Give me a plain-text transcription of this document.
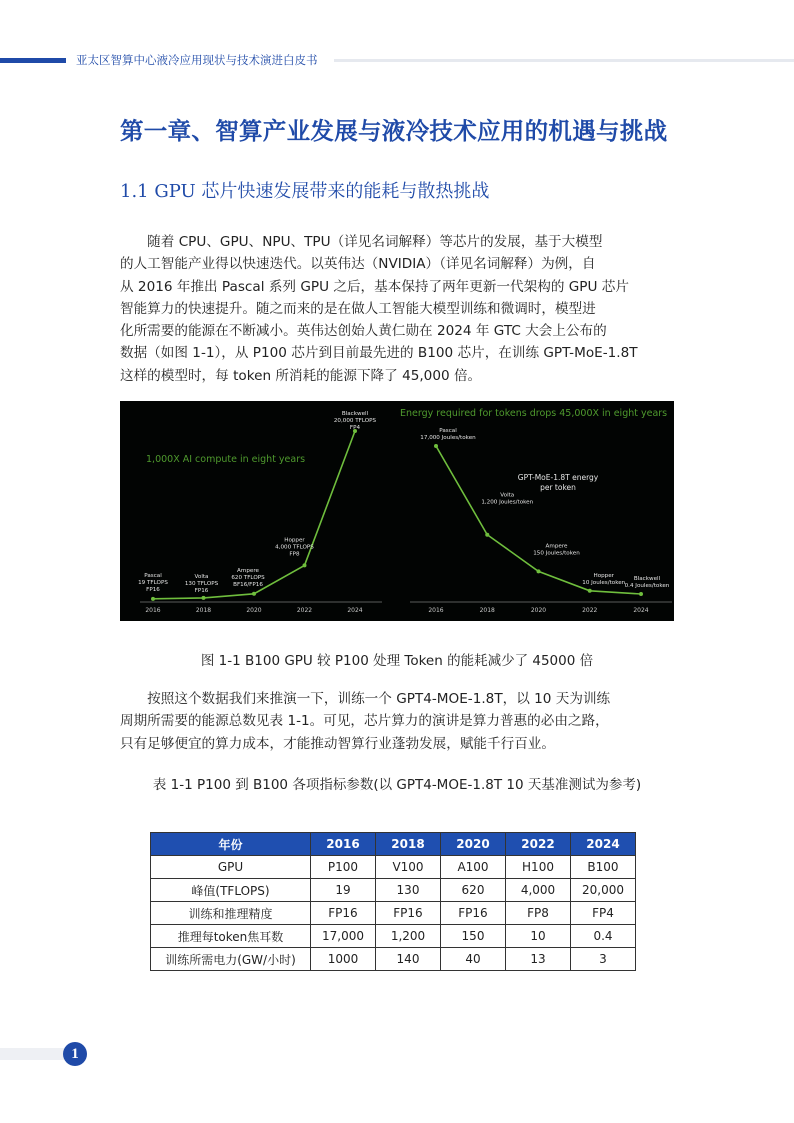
亚太区智算中心液冷应用现状与技术演进白皮书
第一章、智算产业发展与液冷技术应用的机遇与挑战
1.1 GPU 芯片快速发展带来的能耗与散热挑战

　　随着 CPU、GPU、NPU、TPU（详见名词解释）等芯片的发展，基于大模型
的人工智能产业得以快速迭代。以英伟达（NVIDIA）（详见名词解释）为例，自
从 2016 年推出 Pascal 系列 GPU 之后，基本保持了两年更新一代架构的 GPU 芯片
智能算力的快速提升。随之而来的是在做人工智能大模型训练和微调时，模型进
化所需要的能源在不断减小。英伟达创始人黄仁勋在 2024 年 GTC 大会上公布的
数据（如图 1-1），从 P100 芯片到目前最先进的 B100 芯片，在训练 GPT-MoE-1.8T
这样的模型时，每 token 所消耗的能源下降了 45,000 倍。

2016	2018	2020	2022	2024
Pascal
19 TFLOPS
FP16
Volta
130 TFLOPS
FP16
Ampere
620 TFLOPS
BF16/FP16
Hopper
4,000 TFLOPS
FP8
Blackwell
20,000 TFLOPS
FP4
1,000X AI compute in eight years
2016	2018	2020	2022	2024
Pascal
17,000 Joules/token
Volta
1,200 Joules/token
Ampere
150 Joules/token
Hopper
10 Joules/token
Blackwell
0.4 Joules/token
Energy required for tokens drops 45,000X in eight years
GPT-MoE-1.8T energy
per token
图 1-1 B100 GPU 较 P100 处理 Token 的能耗减少了 45000 倍

　　按照这个数据我们来推演一下，训练一个 GPT4-MOE-1.8T，以 10 天为训练
周期所需要的能源总数见表 1-1。可见，芯片算力的演讲是算力普惠的必由之路，
只有足够便宜的算力成本，才能推动智算行业蓬勃发展，赋能千行百业。

表 1-1 P100 到 B100 各项指标参数(以 GPT4-MOE-1.8T 10 天基准测试为参考)
年份	2016	2018	2020	2022	2024
GPU	P100	V100	A100	H100	B100
峰值(TFLOPS)	19	130	620	4,000	20,000
训练和推理精度	FP16	FP16	FP16	FP8	FP4
推理每token焦耳数	17,000	1,200	150	10	0.4
训练所需电力(GW/小时)	1000	140	40	13	3
1
